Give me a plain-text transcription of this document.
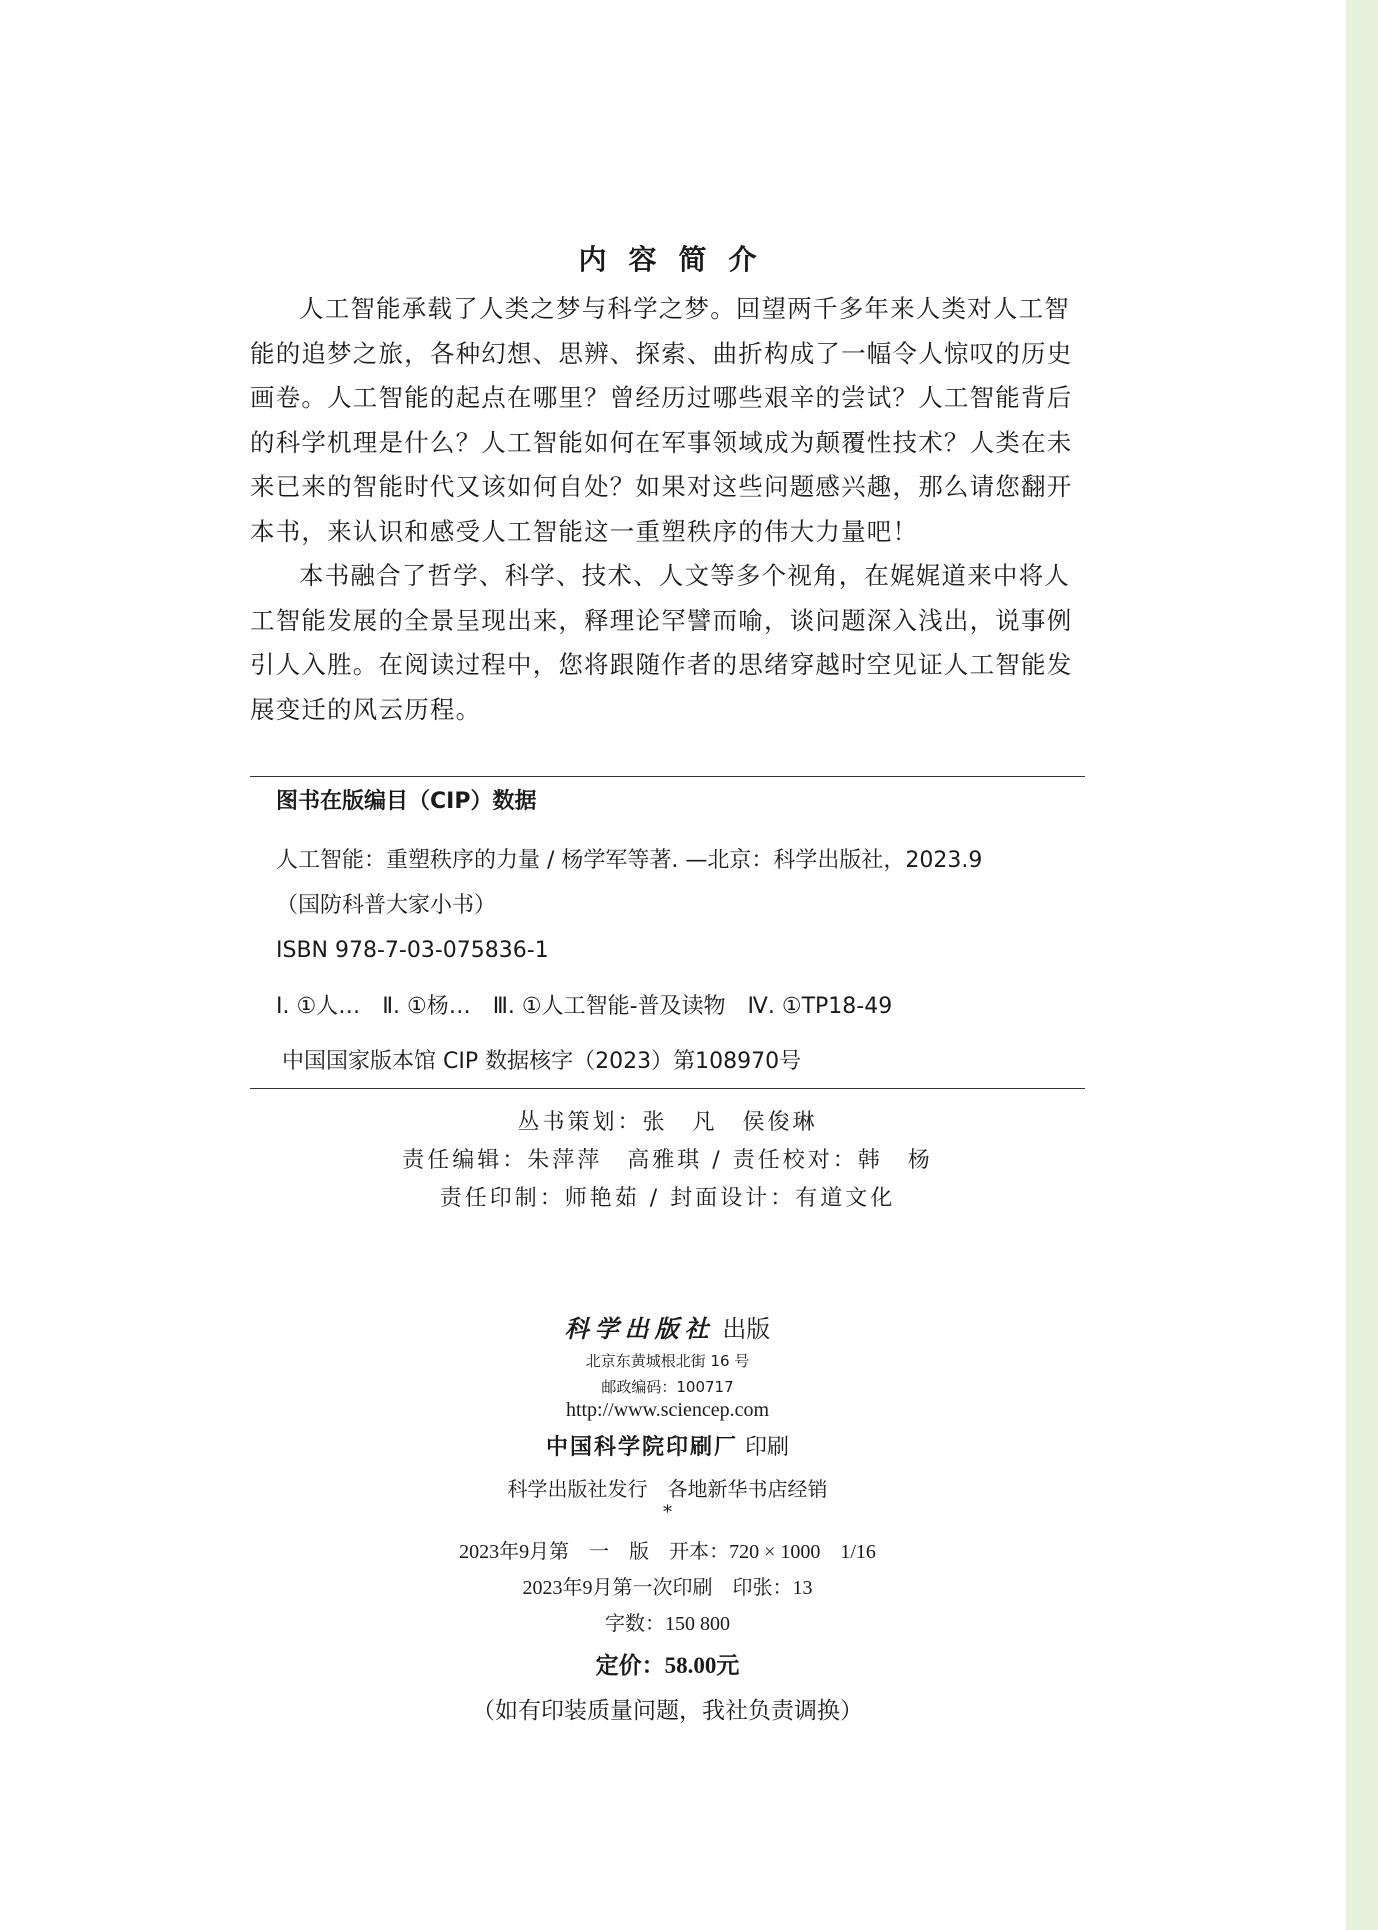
内容简介

人工智能承载了人类之梦与科学之梦。回望两千多年来人类对人工智能的追梦之旅，各种幻想、思辨、探索、曲折构成了一幅令人惊叹的历史画卷。人工智能的起点在哪里？曾经历过哪些艰辛的尝试？人工智能背后的科学机理是什么？人工智能如何在军事领域成为颠覆性技术？人类在未来已来的智能时代又该如何自处？如果对这些问题感兴趣，那么请您翻开本书，来认识和感受人工智能这一重塑秩序的伟大力量吧！

本书融合了哲学、科学、技术、人文等多个视角，在娓娓道来中将人工智能发展的全景呈现出来，释理论罕譬而喻，谈问题深入浅出，说事例引人入胜。在阅读过程中，您将跟随作者的思绪穿越时空见证人工智能发展变迁的风云历程。

图书在版编目（CIP）数据
人工智能：重塑秩序的力量 / 杨学军等著. —北京：科学出版社，2023.9
（国防科普大家小书）
ISBN 978-7-03-075836-1
Ⅰ. ①人…　Ⅱ. ①杨…　Ⅲ. ①人工智能-普及读物　Ⅳ. ①TP18-49
中国国家版本馆 CIP 数据核字（2023）第108970号
丛书策划：张　凡　侯俊琳
责任编辑：朱萍萍　高雅琪 / 责任校对：韩　杨
责任印制：师艳茹 / 封面设计：有道文化
科学出版社 出版
北京东黄城根北街 16 号
邮政编码：100717
http://www.sciencep.com
中国科学院印刷厂 印刷
科学出版社发行　各地新华书店经销
*
2023年9月第　一　版　开本：720 × 1000　1/16
2023年9月第一次印刷　印张：13
字数：150 800
定价：58.00元
（如有印装质量问题，我社负责调换）
